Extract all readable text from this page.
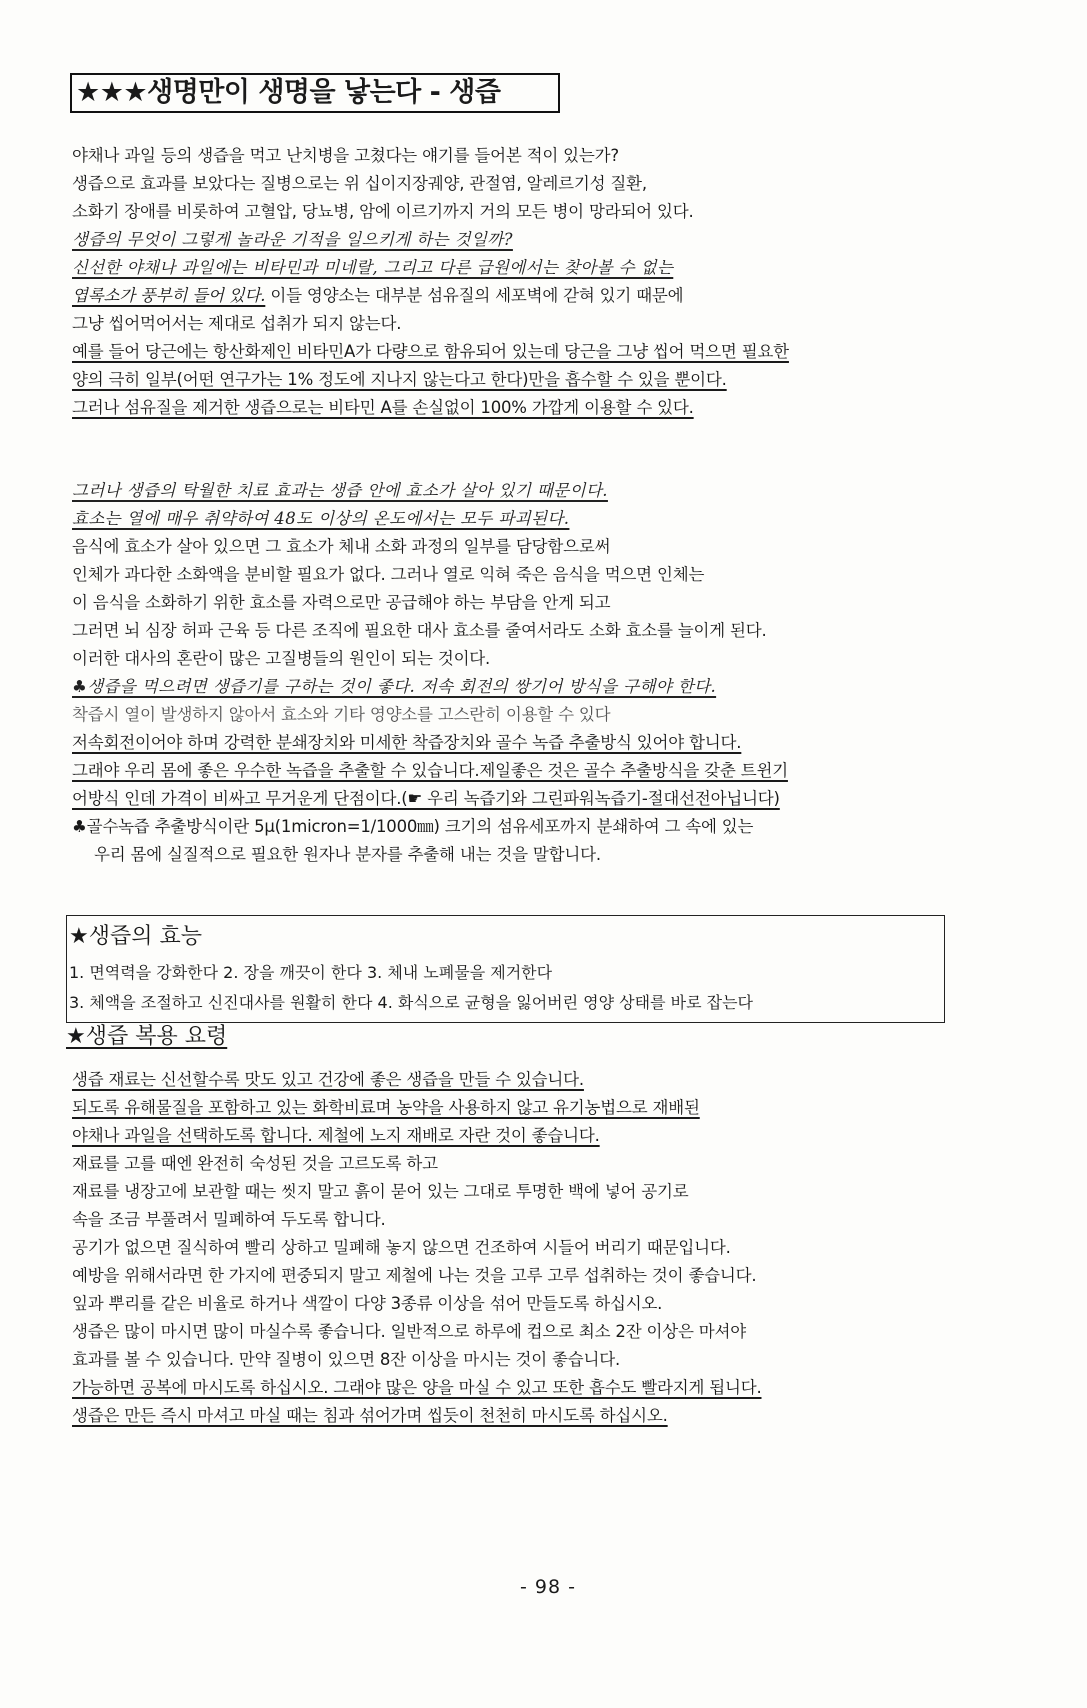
★★★생명만이 생명을 낳는다 - 생즙
야채나 과일 등의 생즙을 먹고 난치병을 고쳤다는 얘기를 들어본 적이 있는가?
생즙으로 효과를 보았다는 질병으로는 위 십이지장궤양, 관절염, 알레르기성 질환,
소화기 장애를 비롯하여 고혈압, 당뇨병, 암에 이르기까지 거의 모든 병이 망라되어 있다.
생즙의 무엇이 그렇게 놀라운 기적을 일으키게 하는 것일까?
신선한 야채나 과일에는 비타민과 미네랄, 그리고 다른 급원에서는 찾아볼 수 없는
엽록소가 풍부히 들어 있다. 이들 영양소는 대부분 섬유질의 세포벽에 갇혀 있기 때문에
그냥 씹어먹어서는 제대로 섭취가 되지 않는다.
예를 들어 당근에는 항산화제인 비타민A가 다량으로 함유되어 있는데 당근을 그냥 씹어 먹으면 필요한
양의 극히 일부(어떤 연구가는 1% 정도에 지나지 않는다고 한다)만을 흡수할 수 있을 뿐이다.
그러나 섬유질을 제거한 생즙으로는 비타민 A를 손실없이 100% 가깝게 이용할 수 있다.
그러나 생즙의 탁월한 치료 효과는 생즙 안에 효소가 살아 있기 때문이다.
효소는 열에 매우 취약하여 48도 이상의 온도에서는 모두 파괴된다.
음식에 효소가 살아 있으면 그 효소가 체내 소화 과정의 일부를 담당함으로써
인체가 과다한 소화액을 분비할 필요가 없다. 그러나 열로 익혀 죽은 음식을 먹으면 인체는
이 음식을 소화하기 위한 효소를 자력으로만 공급해야 하는 부담을 안게 되고
그러면 뇌 심장 허파 근육 등 다른 조직에 필요한 대사 효소를 줄여서라도 소화 효소를 늘이게 된다.
이러한 대사의 혼란이 많은 고질병들의 원인이 되는 것이다.
♣생즙을 먹으려면 생즙기를 구하는 것이 좋다. 저속 회전의 쌍기어 방식을 구해야 한다.
착즙시 열이 발생하지 않아서 효소와 기타 영양소를 고스란히 이용할 수 있다
저속회전이어야 하며 강력한 분쇄장치와 미세한 착즙장치와 골수 녹즙 추출방식 있어야 합니다.
그래야 우리 몸에 좋은 우수한 녹즙을 추출할 수 있습니다.제일좋은 것은 골수 추출방식을 갖춘 트윈기
어방식 인데 가격이 비싸고 무거운게 단점이다.(☛ 우리 녹즙기와 그린파워녹즙기-절대선전아닙니다)
♣골수녹즙 추출방식이란 5μ(1micron=1/1000㎜) 크기의 섬유세포까지 분쇄하여 그 속에 있는
우리 몸에 실질적으로 필요한 원자나 분자를 추출해 내는 것을 말합니다.
★생즙의 효능
1. 면역력을 강화한다 2. 장을 깨끗이 한다 3. 체내 노폐물을 제거한다
3. 체액을 조절하고 신진대사를 원활히 한다 4. 화식으로 균형을 잃어버린 영양 상태를 바로 잡는다
★생즙 복용 요령
생즙 재료는 신선할수록 맛도 있고 건강에 좋은 생즙을 만들 수 있습니다.
되도록 유해물질을 포함하고 있는 화학비료며 농약을 사용하지 않고 유기농법으로 재배된
야채나 과일을 선택하도록 합니다. 제철에 노지 재배로 자란 것이 좋습니다.
재료를 고를 때엔 완전히 숙성된 것을 고르도록 하고
재료를 냉장고에 보관할 때는 씻지 말고 흙이 묻어 있는 그대로 투명한 백에 넣어 공기로
속을 조금 부풀려서 밀폐하여 두도록 합니다.
공기가 없으면 질식하여 빨리 상하고 밀폐해 놓지 않으면 건조하여 시들어 버리기 때문입니다.
예방을 위해서라면 한 가지에 편중되지 말고 제철에 나는 것을 고루 고루 섭취하는 것이 좋습니다.
잎과 뿌리를 같은 비율로 하거나 색깔이 다양 3종류 이상을 섞어 만들도록 하십시오.
생즙은 많이 마시면 많이 마실수록 좋습니다. 일반적으로 하루에 컵으로 최소 2잔 이상은 마셔야
효과를 볼 수 있습니다. 만약 질병이 있으면 8잔 이상을 마시는 것이 좋습니다.
가능하면 공복에 마시도록 하십시오. 그래야 많은 양을 마실 수 있고 또한 흡수도 빨라지게 됩니다.
생즙은 만든 즉시 마셔고 마실 때는 침과 섞어가며 씹듯이 천천히 마시도록 하십시오.
- 98 -
